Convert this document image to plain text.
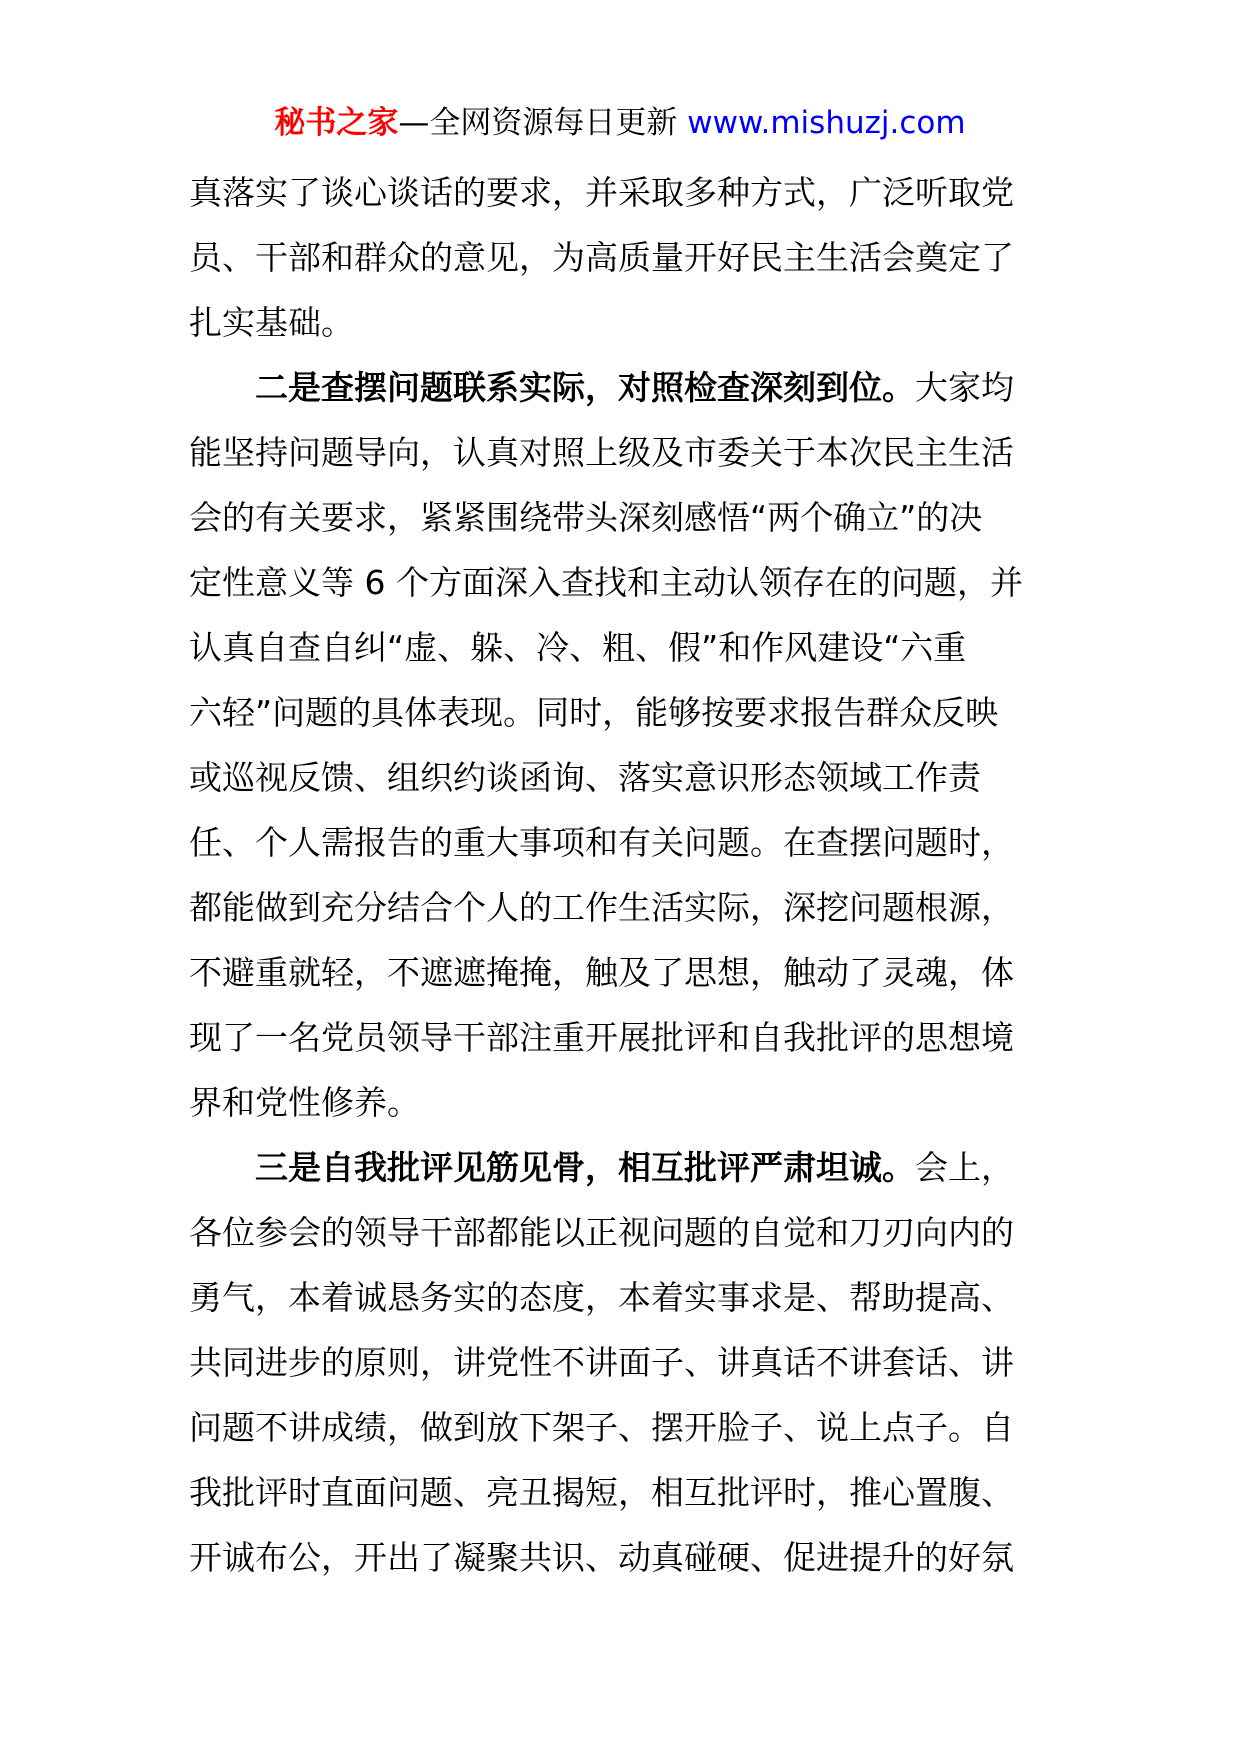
秘书之家—全网资源每日更新 www.mishuzj.com
真落实了谈心谈话的要求，并采取多种方式，广泛听取党
员、干部和群众的意见，为高质量开好民主生活会奠定了
扎实基础。
二是查摆问题联系实际，对照检查深刻到位。大家均
能坚持问题导向，认真对照上级及市委关于本次民主生活
会的有关要求，紧紧围绕带头深刻感悟“两个确立”的决
定性意义等 6 个方面深入查找和主动认领存在的问题，并
认真自查自纠“虚、躲、冷、粗、假”和作风建设“六重
六轻”问题的具体表现。同时，能够按要求报告群众反映
或巡视反馈、组织约谈函询、落实意识形态领域工作责
任、个人需报告的重大事项和有关问题。在查摆问题时，
都能做到充分结合个人的工作生活实际，深挖问题根源，
不避重就轻，不遮遮掩掩，触及了思想，触动了灵魂，体
现了一名党员领导干部注重开展批评和自我批评的思想境
界和党性修养。
三是自我批评见筋见骨，相互批评严肃坦诚。会上，
各位参会的领导干部都能以正视问题的自觉和刀刃向内的
勇气，本着诚恳务实的态度，本着实事求是、帮助提高、
共同进步的原则，讲党性不讲面子、讲真话不讲套话、讲
问题不讲成绩，做到放下架子、摆开脸子、说上点子。自
我批评时直面问题、亮丑揭短，相互批评时，推心置腹、
开诚布公，开出了凝聚共识、动真碰硬、促进提升的好氛
